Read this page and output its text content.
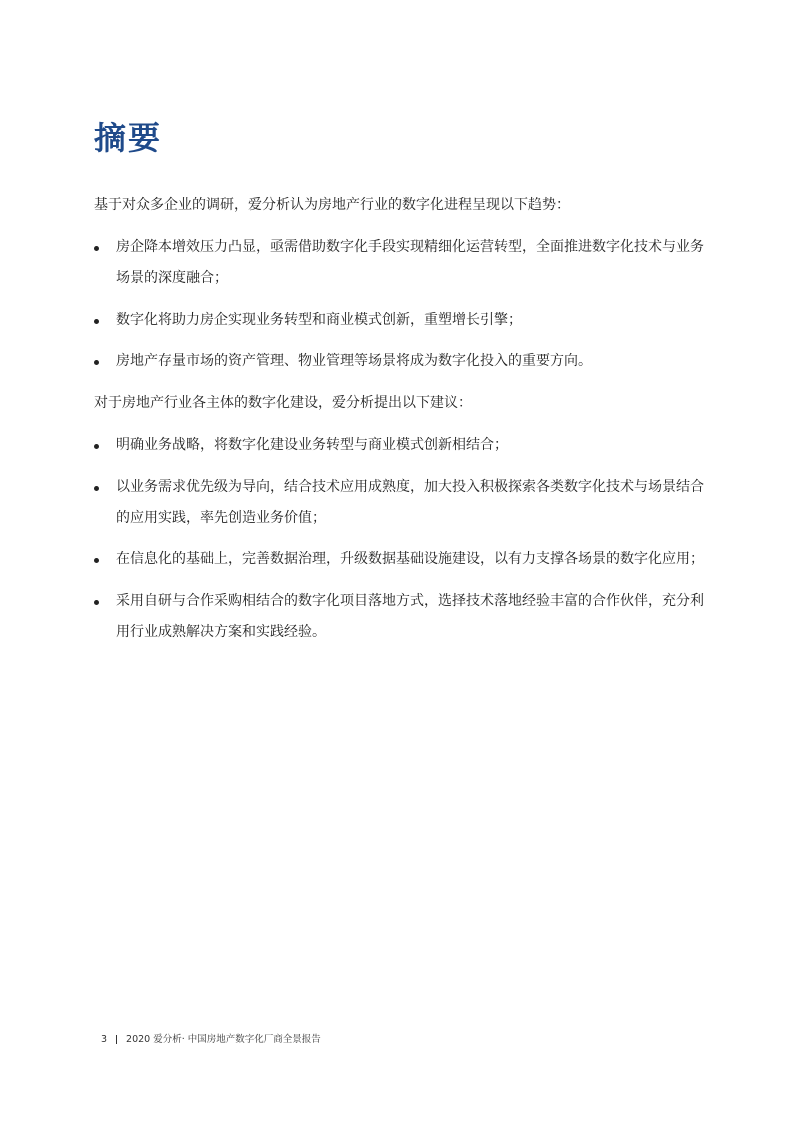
摘要

基于对众多企业的调研，爱分析认为房地产行业的数字化进程呈现以下趋势：

房企降本增效压力凸显，亟需借助数字化手段实现精细化运营转型，全面推进数字化技术与业务场景的深度融合；
数字化将助力房企实现业务转型和商业模式创新，重塑增长引擎；
房地产存量市场的资产管理、物业管理等场景将成为数字化投入的重要方向。

对于房地产行业各主体的数字化建设，爱分析提出以下建议：

明确业务战略，将数字化建设业务转型与商业模式创新相结合；
以业务需求优先级为导向，结合技术应用成熟度，加大投入积极探索各类数字化技术与场景结合的应用实践，率先创造业务价值；
在信息化的基础上，完善数据治理，升级数据基础设施建设，以有力支撑各场景的数字化应用；
采用自研与合作采购相结合的数字化项目落地方式，选择技术落地经验丰富的合作伙伴，充分利用行业成熟解决方案和实践经验。
3 2020 爱分析· 中国房地产数字化厂商全景报告
